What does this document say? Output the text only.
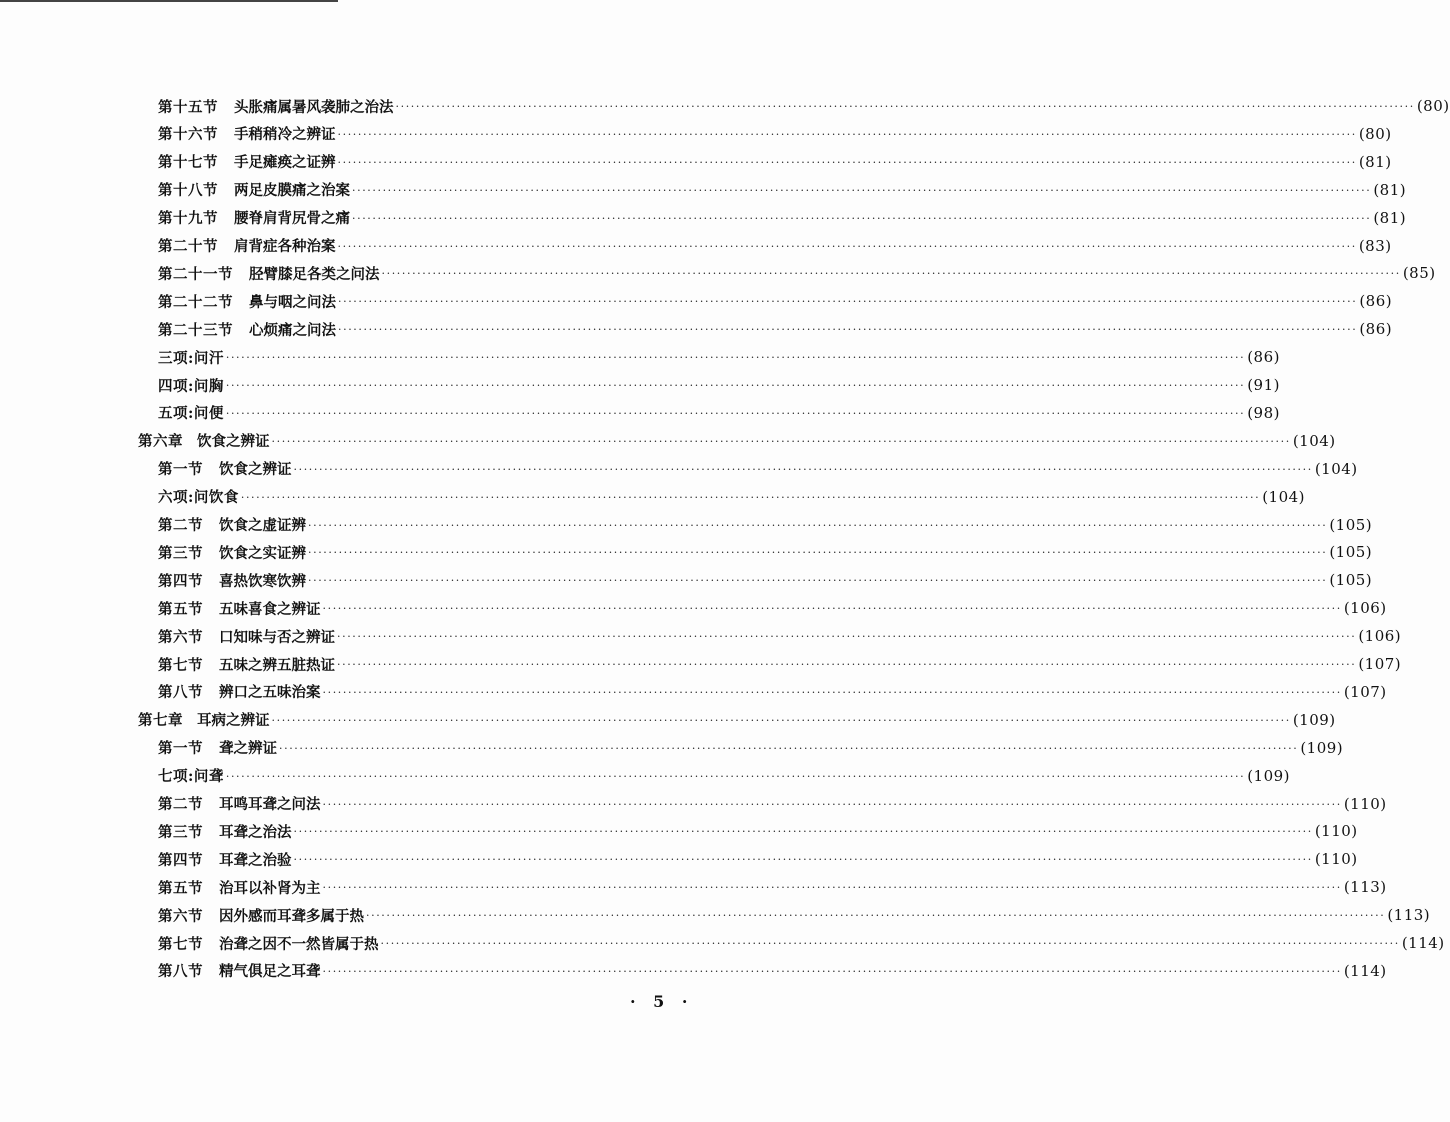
第十五节 头胀痛属暑风袭肺之治法 ········································································································································································································ (80)
第十六节 手稍稍冷之辨证 ········································································································································································································ (80)
第十七节 手足瘫痪之证辨 ········································································································································································································ (81)
第十八节 两足皮膜痛之治案 ········································································································································································································ (81)
第十九节 腰脊肩背尻骨之痛 ········································································································································································································ (81)
第二十节 肩背症各种治案 ········································································································································································································ (83)
第二十一节 胫臂膝足各类之问法 ········································································································································································································ (85)
第二十二节 鼻与咽之问法 ········································································································································································································ (86)
第二十三节 心烦痛之问法 ········································································································································································································ (86)
三项:问汗 ········································································································································································································ (86)
四项:问胸 ········································································································································································································ (91)
五项:问便 ········································································································································································································ (98)
第六章 饮食之辨证 ········································································································································································································ (104)
第一节 饮食之辨证 ········································································································································································································ (104)
六项:问饮食 ········································································································································································································ (104)
第二节 饮食之虚证辨 ········································································································································································································ (105)
第三节 饮食之实证辨 ········································································································································································································ (105)
第四节 喜热饮寒饮辨 ········································································································································································································ (105)
第五节 五味喜食之辨证 ········································································································································································································ (106)
第六节 口知味与否之辨证 ········································································································································································································ (106)
第七节 五味之辨五脏热证 ········································································································································································································ (107)
第八节 辨口之五味治案 ········································································································································································································ (107)
第七章 耳病之辨证 ········································································································································································································ (109)
第一节 聋之辨证 ········································································································································································································ (109)
七项:问聋 ········································································································································································································ (109)
第二节 耳鸣耳聋之问法 ········································································································································································································ (110)
第三节 耳聋之治法 ········································································································································································································ (110)
第四节 耳聋之治验 ········································································································································································································ (110)
第五节 治耳以补肾为主 ········································································································································································································ (113)
第六节 因外感而耳聋多属于热 ········································································································································································································ (113)
第七节 治聋之因不一然皆属于热 ········································································································································································································ (114)
第八节 精气俱足之耳聋 ········································································································································································································ (114)
· 5 ·
